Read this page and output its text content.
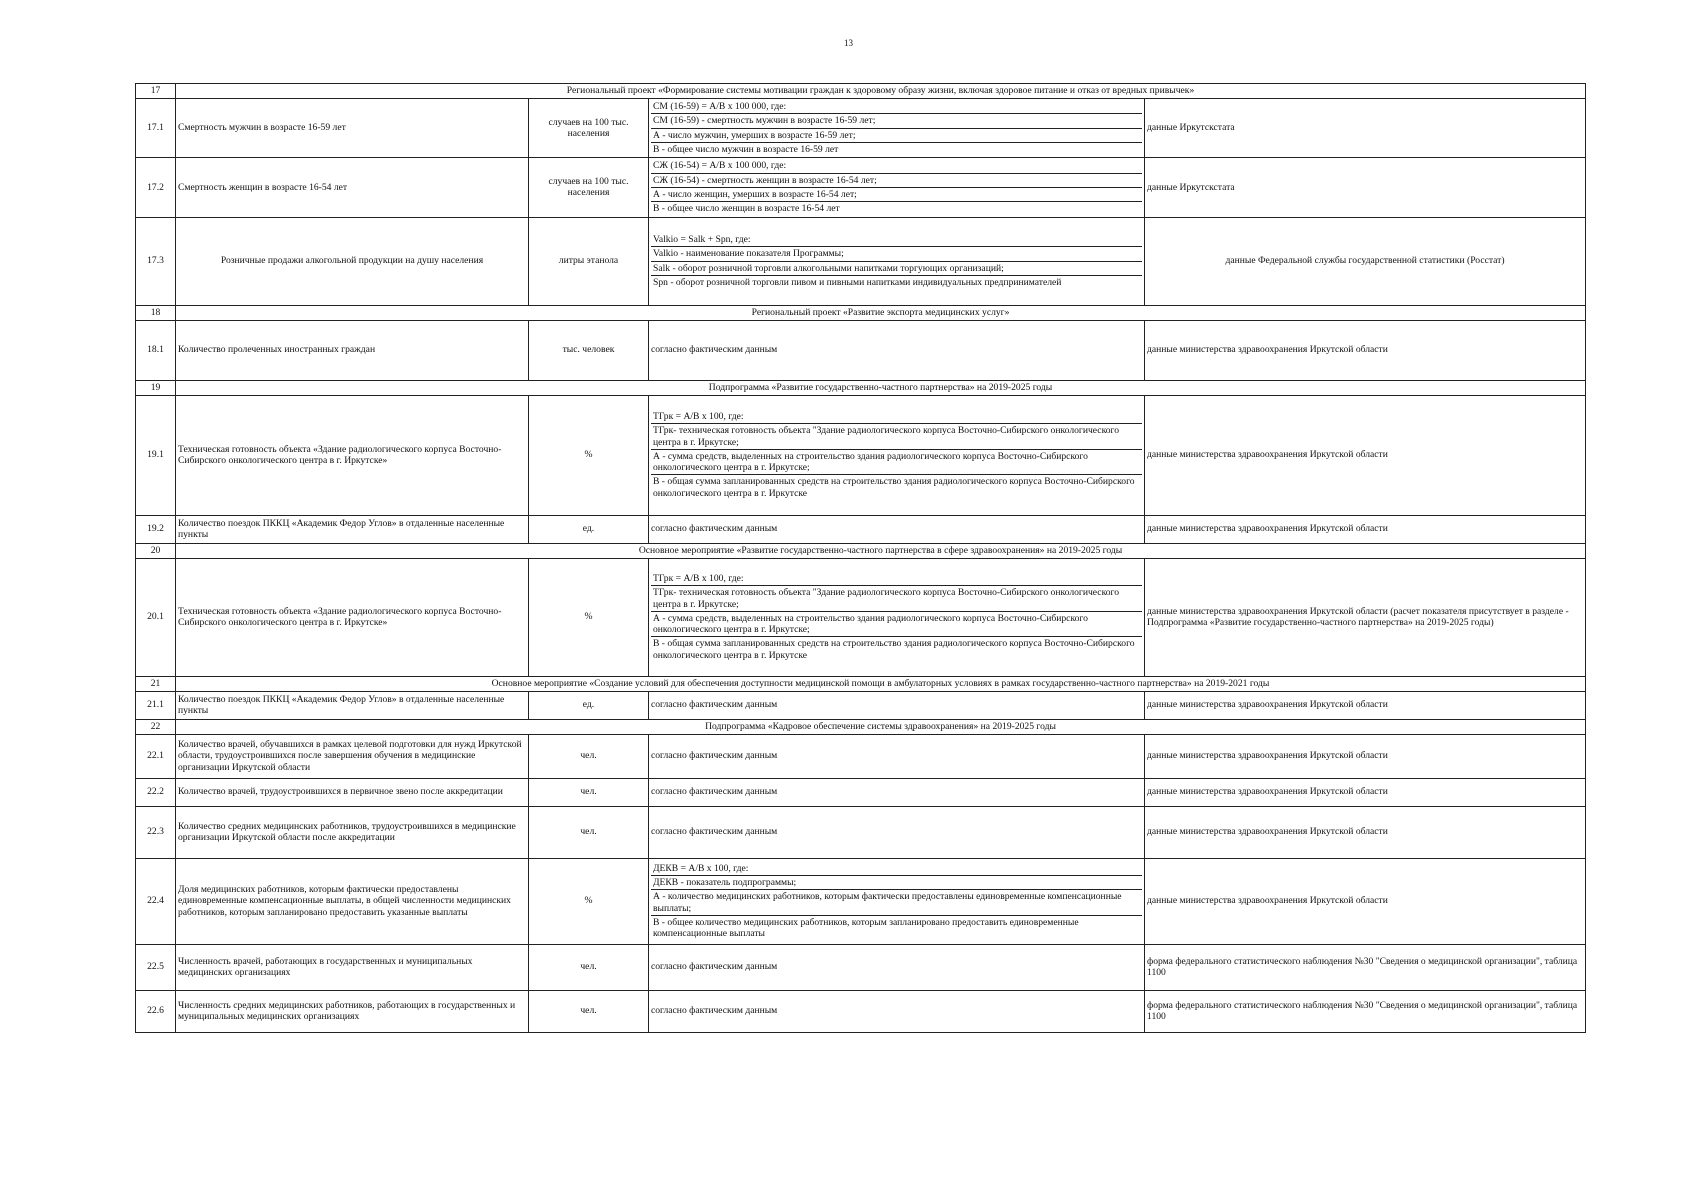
13
17	Региональный проект «Формирование системы мотивации граждан к здоровому образу жизни, включая здоровое питание и отказ от вредных привычек»			
17.1	Смертность мужчин в возрасте 16-59 лет	случаев на 100 тыс. населения	СМ (16-59) = А/В х 100 000, где:
СМ (16-59) - смертность мужчин в возрасте 16-59 лет;
А - число мужчин, умерших в возрасте 16-59 лет;
В - общее число мужчин в возрасте 16-59 лет	данные Иркутскстата
17.2	Смертность женщин в возрасте 16-54 лет	случаев на 100 тыс. населения	СЖ (16-54) = А/В х 100 000, где:
СЖ (16-54) - смертность женщин в возрасте 16-54 лет;
А - число женщин, умерших в возрасте 16-54 лет;
В - общее число женщин в возрасте 16-54 лет	данные Иркутскстата
17.3	Розничные продажи алкогольной продукции на душу населения	литры этанола	Valkio = Salk + Spn, где:
Valkio - наименование показателя Программы;
Salk - оборот розничной торговли алкогольными напитками торгующих организаций;
Spn - оборот розничной торговли пивом и пивными напитками индивидуальных предпринимателей	данные Федеральной службы государственной статистики (Росстат)
18	Региональный проект «Развитие экспорта медицинских услуг»			
18.1	Количество пролеченных иностранных граждан	тыс. человек	согласно фактическим данным	данные министерства здравоохранения Иркутской области
19	Подпрограмма «Развитие государственно-частного партнерства» на 2019-2025 годы			
19.1	Техническая готовность объекта «Здание радиологического корпуса Восточно-Сибирского онкологического центра в г. Иркутске»	%	ТГрк = А/В х 100, где:
ТГрк- техническая готовность объекта "Здание радиологического корпуса Восточно-Сибирского онкологического центра в г. Иркутске;
А - сумма средств, выделенных на строительство здания радиологического корпуса Восточно-Сибирского онкологического центра в г. Иркутске;
В - общая сумма запланированных средств на строительство здания радиологического корпуса Восточно-Сибирского онкологического центра в г. Иркутске	данные министерства здравоохранения Иркутской области
19.2	Количество поездок ПККЦ «Академик Федор Углов» в отдаленные населенные пункты	ед.	согласно фактическим данным	данные министерства здравоохранения Иркутской области
20	Основное мероприятие «Развитие государственно-частного партнерства в сфере здравоохранения» на 2019-2025 годы			
20.1	Техническая готовность объекта «Здание радиологического корпуса Восточно-Сибирского онкологического центра в г. Иркутске»	%	ТГрк = А/В х 100, где:
ТГрк- техническая готовность объекта "Здание радиологического корпуса Восточно-Сибирского онкологического центра в г. Иркутске;
А - сумма средств, выделенных на строительство здания радиологического корпуса Восточно-Сибирского онкологического центра в г. Иркутске;
В - общая сумма запланированных средств на строительство здания радиологического корпуса Восточно-Сибирского онкологического центра в г. Иркутске	данные министерства здравоохранения Иркутской области (расчет показателя присутствует в разделе - Подпрограмма «Развитие государственно-частного партнерства» на 2019-2025 годы)
21	Основное мероприятие «Создание условий для обеспечения доступности медицинской помощи в амбулаторных условиях в рамках государственно-частного партнерства» на 2019-2021 годы			
21.1	Количество поездок ПККЦ «Академик Федор Углов» в отдаленные населенные пункты	ед.	согласно фактическим данным	данные министерства здравоохранения Иркутской области
22	Подпрограмма «Кадровое обеспечение системы здравоохранения» на 2019-2025 годы			
22.1	Количество врачей, обучавшихся в рамках целевой подготовки для нужд Иркутской области, трудоустроившихся после завершения обучения в медицинские организации Иркутской области	чел.	согласно фактическим данным	данные министерства здравоохранения Иркутской области
22.2	Количество врачей, трудоустроившихся в первичное звено после аккредитации	чел.	согласно фактическим данным	данные министерства здравоохранения Иркутской области
22.3	Количество средних медицинских работников, трудоустроившихся в медицинские организации Иркутской области после аккредитации	чел.	согласно фактическим данным	данные министерства здравоохранения Иркутской области
22.4	Доля медицинских работников, которым фактически предоставлены единовременные компенсационные выплаты, в общей численности медицинских работников, которым запланировано предоставить указанные выплаты	%	ДЕКВ = А/В х 100, где:
ДЕКВ - показатель подпрограммы;
А - количество медицинских работников, которым фактически предоставлены единовременные компенсационные выплаты;
В - общее количество медицинских работников, которым запланировано предоставить единовременные компенсационные выплаты	данные министерства здравоохранения Иркутской области
22.5	Численность врачей, работающих в государственных и муниципальных медицинских организациях	чел.	согласно фактическим данным	форма федерального статистического наблюдения №30 "Сведения о медицинской организации", таблица 1100
22.6	Численность средних медицинских работников, работающих в государственных и муниципальных медицинских организациях	чел.	согласно фактическим данным	форма федерального статистического наблюдения №30 "Сведения о медицинской организации", таблица 1100
